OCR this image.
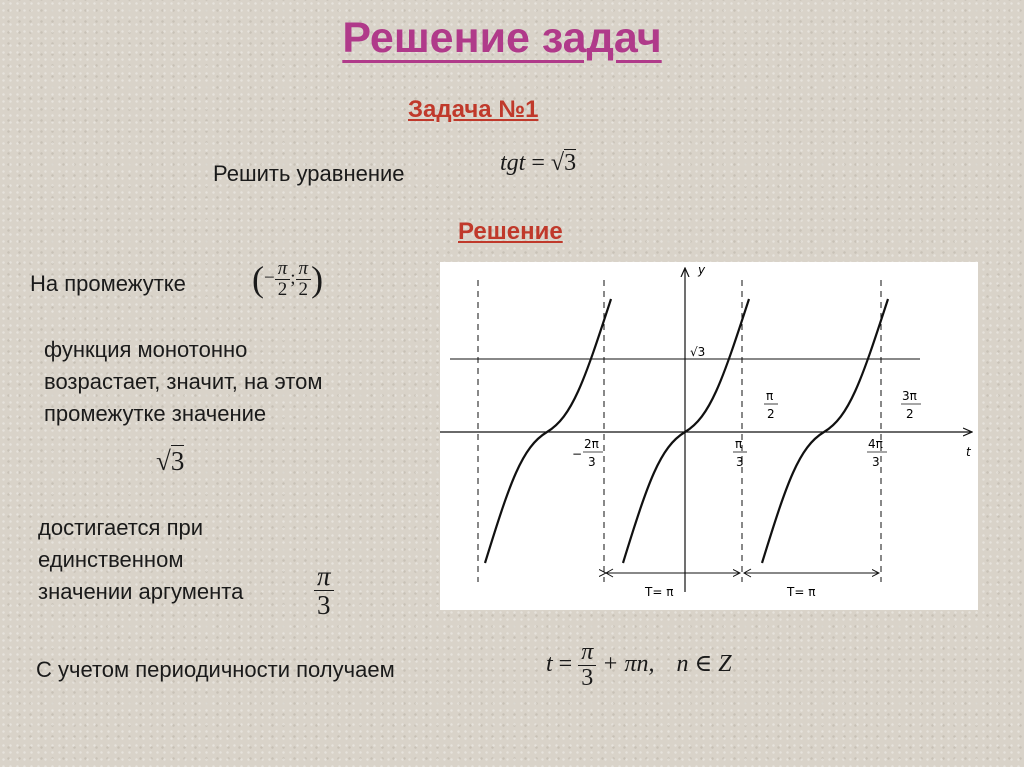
Решение задач
Задача №1
Решить уравнение	tgt = √3
Решение
На промежутке (− $\frac{\pi}{2}$ ; $\frac{\pi}{2}$ )
функция монотонно
возрастает, значит, на этом
промежутке значение
√3
достигается при
единственном
значении аргумента	$\frac{\pi}{3}$
С учетом периодичности получаем	$t = \frac{\pi}{3} + \pi n$, n ∈ Z
y
t
√3
−
2π
3
π
3
π
2
4π
3
3π
2
T= π	T= π
